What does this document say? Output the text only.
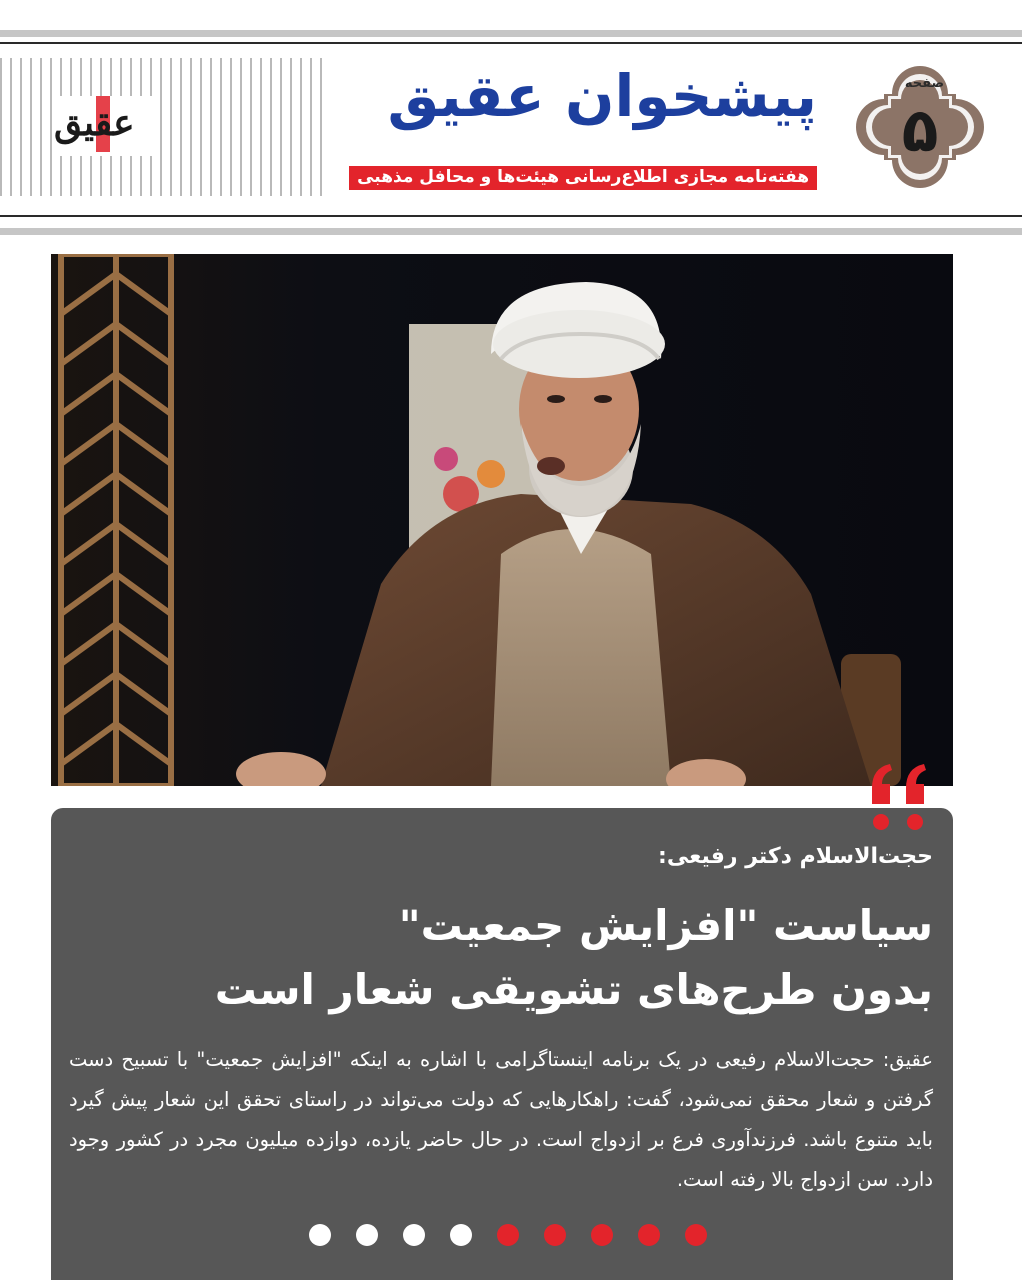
عقیق	پیشخوان عقیق
هفته‌نامه مجازی اطلاع‌رسانی هیئت‌ها و محافل مذهبی
صفحه
۵
حجت‌الاسلام دکتر رفیعی:
سیاست "افزایش جمعیت"
بدون طرح‌های تشویقی شعار است
عقیق: حجت‌الاسلام رفیعی در یک برنامه اینستاگرامی با اشاره به اینکه "افزایش جمعیت" با تسبیح دست گرفتن و شعار محقق نمی‌شود، گفت: راهکارهایی که دولت می‌تواند در راستای تحقق این شعار پیش گیرد باید متنوع باشد. فرزندآوری فرع بر ازدواج است. در حال حاضر یازده، دوازده میلیون مجرد در کشور وجود دارد. سن ازدواج بالا رفته است.
